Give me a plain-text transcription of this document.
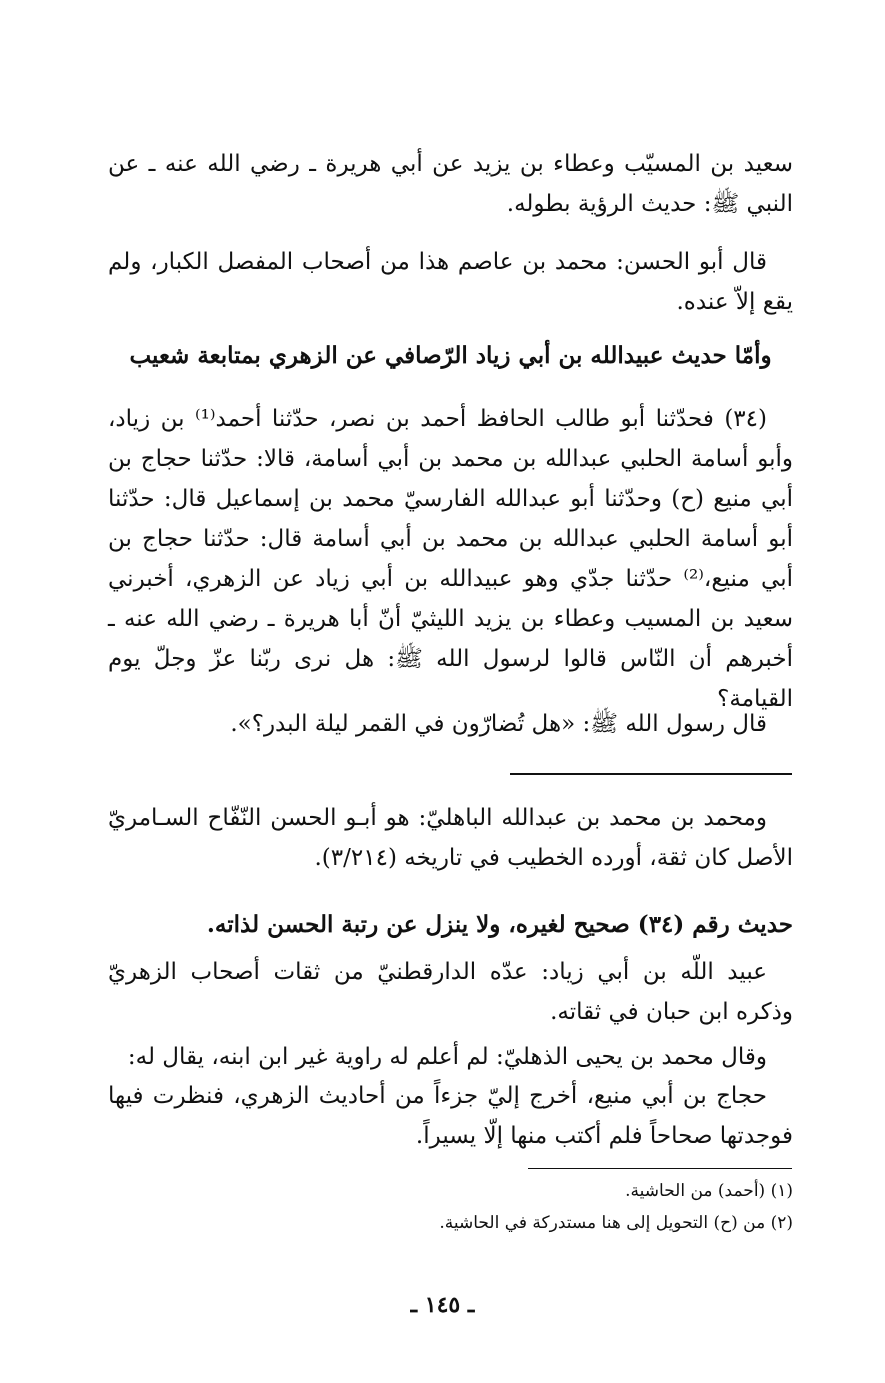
سعيد بن المسيّب وعطاء بن يزيد عن أبي هريرة ـ رضي الله عنه ـ عن النبي ﷺ: حديث الرؤية بطوله.

قال أبو الحسن: محمد بن عاصم هذا من أصحاب المفصل الكبار، ولم يقع إلاّ عنده.

وأمّا حديث عبيدالله بن أبي زياد الرّصافي عن الزهري بمتابعة شعيب

(٣٤) فحدّثنا أبو طالب الحافظ أحمد بن نصر، حدّثنا أحمد⁽¹⁾ بن زياد، وأبو أسامة الحلبي عبدالله بن محمد بن أبي أسامة، قالا: حدّثنا حجاج بن أبي منيع (ح) وحدّثنا أبو عبدالله الفارسيّ محمد بن إسماعيل قال: حدّثنا أبو أسامة الحلبي عبدالله بن محمد بن أبي أسامة قال: حدّثنا حجاج بن أبي منيع،⁽²⁾ حدّثنا جدّي وهو عبيدالله بن أبي زياد عن الزهري، أخبرني سعيد بن المسيب وعطاء بن يزيد الليثيّ أنّ أبا هريرة ـ رضي الله عنه ـ أخبرهم أن النّاس قالوا لرسول الله ﷺ: هل نرى ربّنا عزّ وجلّ يوم القيامة؟

قال رسول الله ﷺ: «هل تُضارّون في القمر ليلة البدر؟».

ومحمد بن محمد بن عبدالله الباهليّ: هو أبـو الحسن النّفّاح السـامريّ الأصل كان ثقة، أورده الخطيب في تاريخه (٣/٢١٤).

حديث رقم (٣٤) صحيح لغيره، ولا ينزل عن رتبة الحسن لذاته.

عبيد اللّه بن أبي زياد: عدّه الدارقطنيّ من ثقات أصحاب الزهريّ وذكره ابن حبان في ثقاته.

وقال محمد بن يحيى الذهليّ: لم أعلم له راوية غير ابن ابنه، يقال له:

حجاج بن أبي منيع، أخرج إليّ جزءاً من أحاديث الزهري، فنظرت فيها فوجدتها صحاحاً فلم أكتب منها إلّا يسيراً.

(١) (أحمد) من الحاشية.

(٢) من (ح) التحويل إلى هنا مستدركة في الحاشية.

ـ ١٤٥ ـ
